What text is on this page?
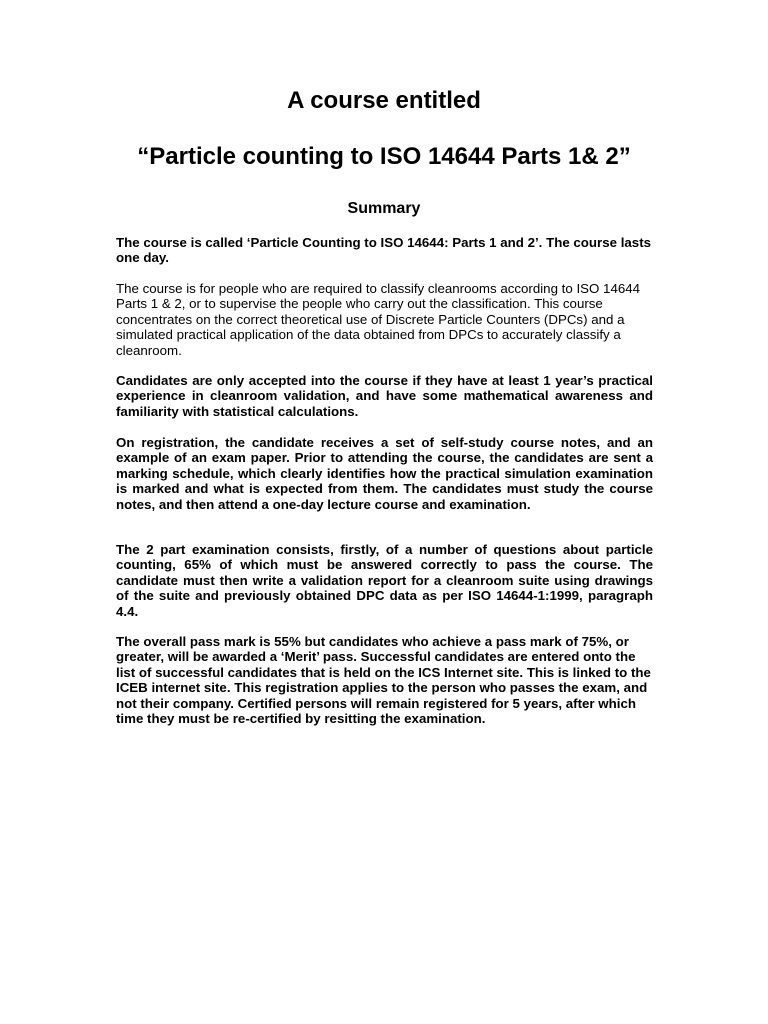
A course entitled
“Particle counting to ISO 14644 Parts 1& 2”
Summary

The course is called ‘Particle Counting to ISO 14644: Parts 1 and 2’. The course lasts one day.

The course is for people who are required to classify cleanrooms according to ISO 14644 Parts 1 & 2, or to supervise the people who carry out the classification. This course concentrates on the correct theoretical use of Discrete Particle Counters (DPCs) and a simulated practical application of the data obtained from DPCs to accurately classify a cleanroom.

Candidates are only accepted into the course if they have at least 1 year’s practical experience in cleanroom validation, and have some mathematical awareness and familiarity with statistical calculations.

On registration, the candidate receives a set of self-study course notes, and an example of an exam paper. Prior to attending the course, the candidates are sent a marking schedule, which clearly identifies how the practical simulation examination is marked and what is expected from them. The candidates must study the course notes, and then attend a one-day lecture course and examination.

The 2 part examination consists, firstly, of a number of questions about particle counting, 65% of which must be answered correctly to pass the course. The candidate must then write a validation report for a cleanroom suite using drawings of the suite and previously obtained DPC data as per ISO 14644-1:1999, paragraph 4.4.

The overall pass mark is 55% but candidates who achieve a pass mark of 75%, or greater, will be awarded a ‘Merit’ pass. Successful candidates are entered onto the list of successful candidates that is held on the ICS Internet site. This is linked to the ICEB internet site. This registration applies to the person who passes the exam, and not their company. Certified persons will remain registered for 5 years, after which time they must be re-certified by resitting the examination.
